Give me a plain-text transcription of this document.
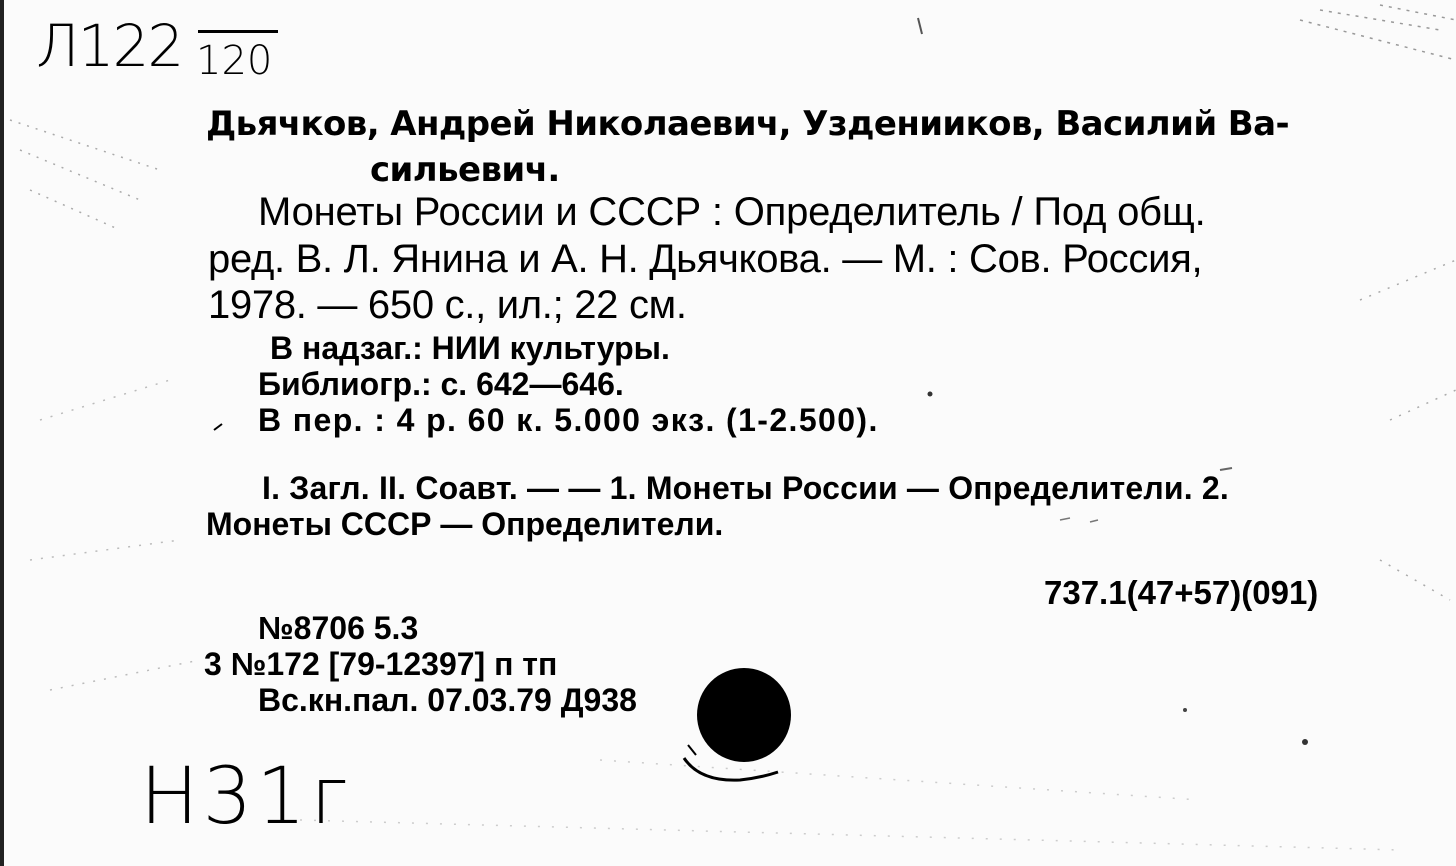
Л122 120
Дьячков, Андрей Николаевич, Узденииков, Василий Ва-
сильевич.
Монеты России и СССР : Определитель / Под общ.
ред. В. Л. Янина и А. Н. Дьячкова. — М. : Сов. Россия,
1978. — 650 с., ил.; 22 см.
В надзаг.: НИИ культуры.
Библиогр.: с. 642—646.
В пер. : 4 р. 60 к. 5.000 экз. (1-2.500).
I. Загл. II. Соавт. — — 1. Монеты России — Определители. 2.
Монеты СССР — Определители.
737.1(47+57)(091)
№8706 5.3
3 №172 [79-12397] п тп
Вс.кн.пал. 07.03.79 Д938
Н31г
